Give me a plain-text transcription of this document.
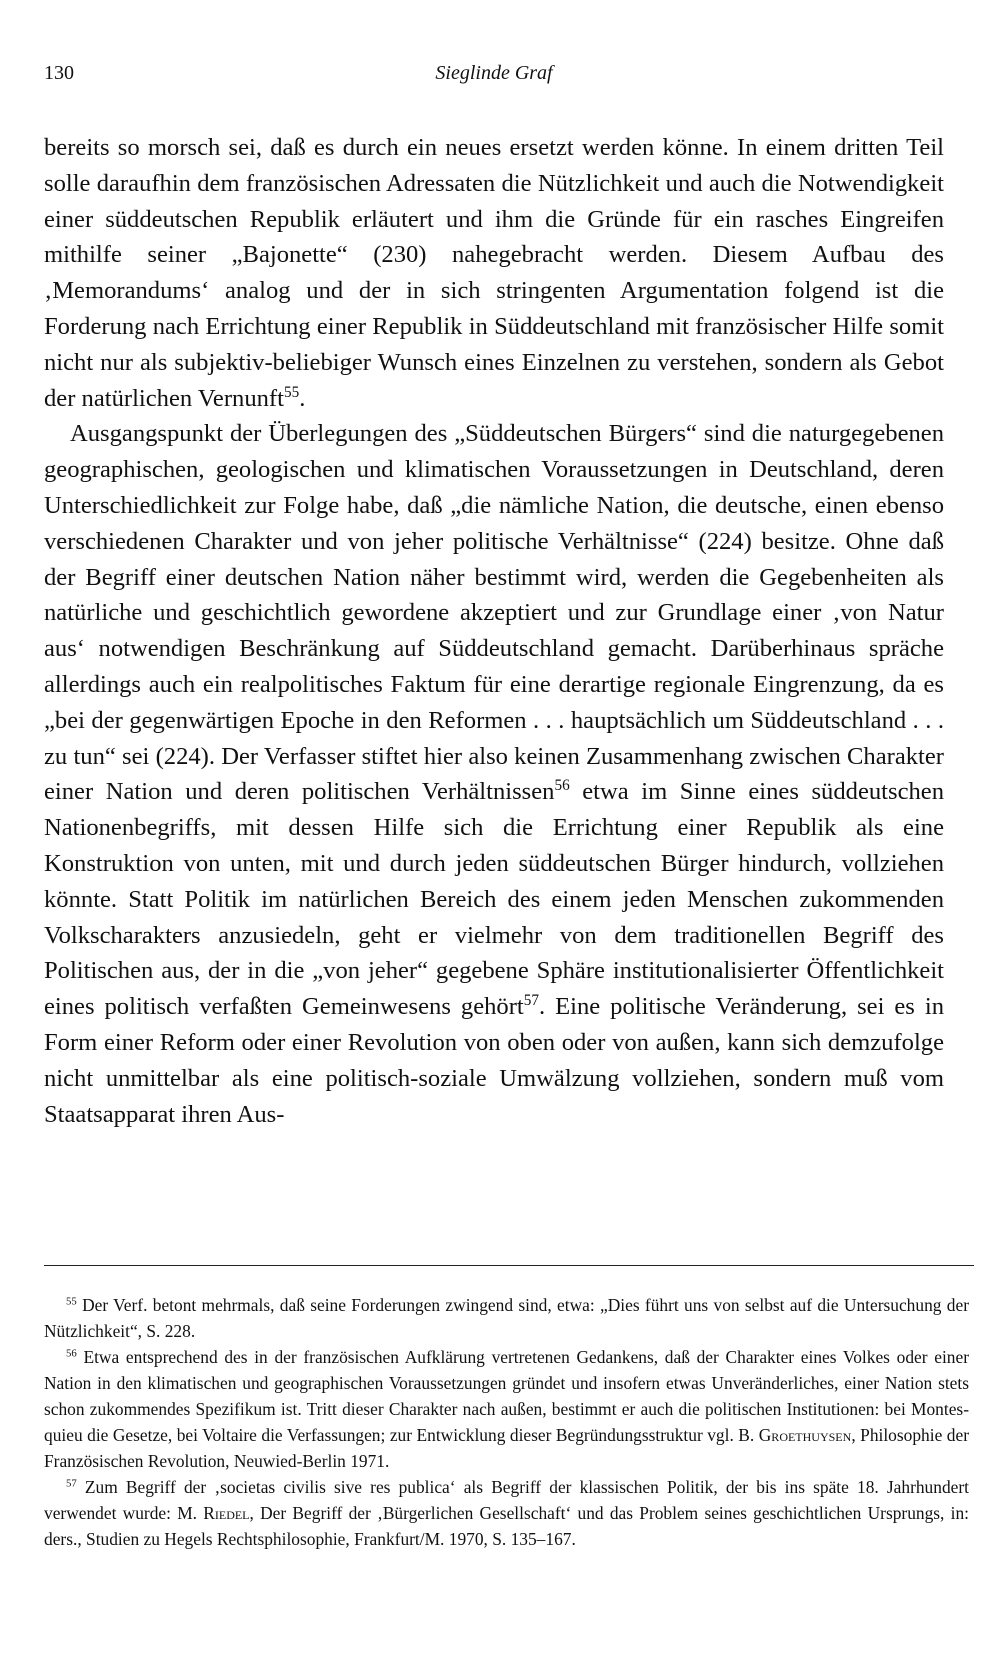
130	Sieglinde Graf

bereits so morsch sei, daß es durch ein neues ersetzt werden könne. In einem dritten Teil solle daraufhin dem französischen Adressaten die Nützlichkeit und auch die Notwendigkeit einer süddeutschen Republik erläutert und ihm die Gründe für ein rasches Eingreifen mithilfe seiner „Bajonette“ (230) nahegebracht werden. Diesem Aufbau des ‚Memorandums‘ analog und der in sich stringenten Argumentation folgend ist die Forderung nach Errichtung einer Republik in Süddeutschland mit französischer Hilfe somit nicht nur als subjektiv-beliebiger Wunsch eines Einzelnen zu verstehen, sondern als Gebot der natürlichen Vernunft$^{55}$.

Ausgangspunkt der Überlegungen des „Süddeutschen Bürgers“ sind die naturgegebenen geographischen, geologischen und klimatischen Voraussetzungen in Deutschland, deren Unterschiedlichkeit zur Folge habe, daß „die nämliche Nation, die deutsche, einen ebenso verschiedenen Charakter und von jeher politische Verhältnisse“ (224) besitze. Ohne daß der Begriff einer deutschen Nation näher bestimmt wird, werden die Gegebenheiten als natürliche und geschichtlich gewordene akzeptiert und zur Grundlage einer ‚von Natur aus‘ notwendigen Beschränkung auf Süddeutschland gemacht. Darüberhinaus spräche allerdings auch ein realpolitisches Faktum für eine derartige regionale Eingrenzung, da es „bei der gegenwärtigen Epoche in den Reformen . . . hauptsächlich um Süddeutschland . . . zu tun“ sei (224). Der Verfasser stiftet hier also keinen Zusammenhang zwischen Charakter einer Nation und deren politischen Verhältnissen$^{56}$ etwa im Sinne eines süddeutschen Nationenbegriffs, mit dessen Hilfe sich die Errichtung einer Republik als eine Konstruktion von unten, mit und durch jeden süddeutschen Bürger hindurch, vollziehen könnte. Statt Politik im natürlichen Bereich des einem jeden Menschen zukommenden Volkscharakters anzusiedeln, geht er vielmehr von dem traditionellen Begriff des Politischen aus, der in die „von jeher“ gegebene Sphäre institutionalisierter Öffentlichkeit eines politisch verfaßten Gemeinwesens gehört$^{57}$. Eine politische Veränderung, sei es in Form einer Reform oder einer Revolution von oben oder von außen, kann sich demzufolge nicht unmittelbar als eine politisch-soziale Umwälzung vollziehen, sondern muß vom Staatsapparat ihren Aus-

$^{55}$ Der Verf. betont mehrmals, daß seine Forderungen zwingend sind, etwa: „Dies führt uns von selbst auf die Untersuchung der Nützlichkeit“, S. 228.

$^{56}$ Etwa entsprechend des in der französischen Aufklärung vertretenen Gedankens, daß der Charakter eines Volkes oder einer Nation in den klimatischen und geographischen Voraussetzungen gründet und insofern etwas Unveränderliches, einer Nation stets schon zukommendes Spezifikum ist. Tritt dieser Charakter nach außen, bestimmt er auch die politischen Institutionen: bei Montesquieu die Gesetze, bei Voltaire die Verfassungen; zur Entwicklung dieser Begründungsstruktur vgl. B. Groethuysen, Philosophie der Französischen Revolution, Neuwied-Berlin 1971.

$^{57}$ Zum Begriff der ‚societas civilis sive res publica‘ als Begriff der klassischen Politik, der bis ins späte 18. Jahrhundert verwendet wurde: M. Riedel, Der Begriff der ‚Bürgerlichen Gesellschaft‘ und das Problem seines geschichtlichen Ursprungs, in: ders., Studien zu Hegels Rechtsphilosophie, Frankfurt/M. 1970, S. 135–167.
